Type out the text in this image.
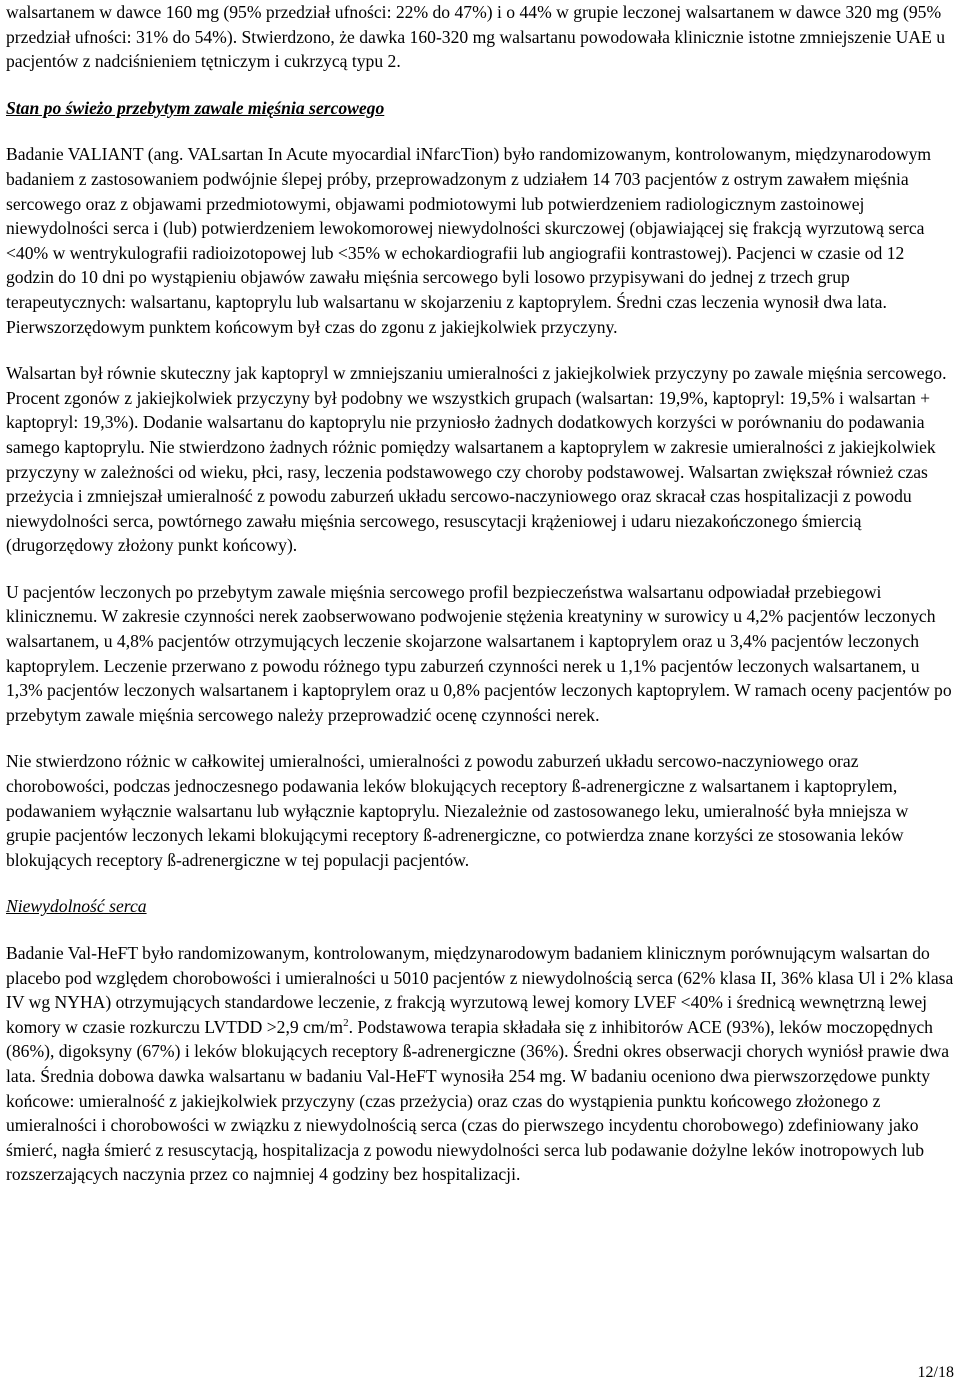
walsartanem w dawce 160 mg (95% przedział ufności: 22% do 47%) i o 44% w grupie leczonej walsartanem w dawce 320 mg (95% przedział ufności: 31% do 54%). Stwierdzono, że dawka 160-320 mg walsartanu powodowała klinicznie istotne zmniejszenie UAE u pacjentów z nadciśnieniem tętniczym i cukrzycą typu 2.

Stan po świeżo przebytym zawale mięśnia sercowego

Badanie VALIANT (ang. VALsartan In Acute myocardial iNfarcTion) było randomizowanym, kontrolowanym, międzynarodowym badaniem z zastosowaniem podwójnie ślepej próby, przeprowadzonym z udziałem 14 703 pacjentów z ostrym zawałem mięśnia sercowego oraz z objawami przedmiotowymi, objawami podmiotowymi lub potwierdzeniem radiologicznym zastoinowej niewydolności serca i (lub) potwierdzeniem lewokomorowej niewydolności skurczowej (objawiającej się frakcją wyrzutową serca <40% w wentrykulografii radioizotopowej lub <35% w echokardiografii lub angiografii kontrastowej). Pacjenci w czasie od 12 godzin do 10 dni po wystąpieniu objawów zawału mięśnia sercowego byli losowo przypisywani do jednej z trzech grup terapeutycznych: walsartanu, kaptoprylu lub walsartanu w skojarzeniu z kaptoprylem. Średni czas leczenia wynosił dwa lata. Pierwszorzędowym punktem końcowym był czas do zgonu z jakiejkolwiek przyczyny.

Walsartan był równie skuteczny jak kaptopryl w zmniejszaniu umieralności z jakiejkolwiek przyczyny po zawale mięśnia sercowego. Procent zgonów z jakiejkolwiek przyczyny był podobny we wszystkich grupach (walsartan: 19,9%, kaptopryl: 19,5% i walsartan + kaptopryl: 19,3%). Dodanie walsartanu do kaptoprylu nie przyniosło żadnych dodatkowych korzyści w porównaniu do podawania samego kaptoprylu. Nie stwierdzono żadnych różnic pomiędzy walsartanem a kaptoprylem w zakresie umieralności z jakiejkolwiek przyczyny w zależności od wieku, płci, rasy, leczenia podstawowego czy choroby podstawowej. Walsartan zwiększał również czas przeżycia i zmniejszał umieralność z powodu zaburzeń układu sercowo-naczyniowego oraz skracał czas hospitalizacji z powodu niewydolności serca, powtórnego zawału mięśnia sercowego, resuscytacji krążeniowej i udaru niezakończonego śmiercią (drugorzędowy złożony punkt końcowy).

U pacjentów leczonych po przebytym zawale mięśnia sercowego profil bezpieczeństwa walsartanu odpowiadał przebiegowi klinicznemu. W zakresie czynności nerek zaobserwowano podwojenie stężenia kreatyniny w surowicy u 4,2% pacjentów leczonych walsartanem, u 4,8% pacjentów otrzymujących leczenie skojarzone walsartanem i kaptoprylem oraz u 3,4% pacjentów leczonych kaptoprylem. Leczenie przerwano z powodu różnego typu zaburzeń czynności nerek u 1,1% pacjentów leczonych walsartanem, u 1,3% pacjentów leczonych walsartanem i kaptoprylem oraz u 0,8% pacjentów leczonych kaptoprylem. W ramach oceny pacjentów po przebytym zawale mięśnia sercowego należy przeprowadzić ocenę czynności nerek.

Nie stwierdzono różnic w całkowitej umieralności, umieralności z powodu zaburzeń układu sercowo-naczyniowego oraz chorobowości, podczas jednoczesnego podawania leków blokujących receptory ß-adrenergiczne z walsartanem i kaptoprylem, podawaniem wyłącznie walsartanu lub wyłącznie kaptoprylu. Niezależnie od zastosowanego leku, umieralność była mniejsza w grupie pacjentów leczonych lekami blokującymi receptory ß-adrenergiczne, co potwierdza znane korzyści ze stosowania leków blokujących receptory ß-adrenergiczne w tej populacji pacjentów.

Niewydolność serca

Badanie Val-HeFT było randomizowanym, kontrolowanym, międzynarodowym badaniem klinicznym porównującym walsartan do placebo pod względem chorobowości i umieralności u 5010 pacjentów z niewydolnością serca (62% klasa II, 36% klasa Ul i 2% klasa IV wg NYHA) otrzymujących standardowe leczenie, z frakcją wyrzutową lewej komory LVEF <40% i średnicą wewnętrzną lewej komory w czasie rozkurczu LVTDD >2,9 $cm/m^2$. Podstawowa terapia składała się z inhibitorów ACE (93%), leków moczopędnych (86%), digoksyny (67%) i leków blokujących receptory ß-adrenergiczne (36%). Średni okres obserwacji chorych wyniósł prawie dwa lata. Średnia dobowa dawka walsartanu w badaniu Val-HeFT wynosiła 254 mg. W badaniu oceniono dwa pierwszorzędowe punkty końcowe: umieralność z jakiejkolwiek przyczyny (czas przeżycia) oraz czas do wystąpienia punktu końcowego złożonego z umieralności i chorobowości w związku z niewydolnością serca (czas do pierwszego incydentu chorobowego) zdefiniowany jako śmierć, nagła śmierć z resuscytacją, hospitalizacja z powodu niewydolności serca lub podawanie dożylne leków inotropowych lub rozszerzających naczynia przez co najmniej 4 godziny bez hospitalizacji.

12/18
